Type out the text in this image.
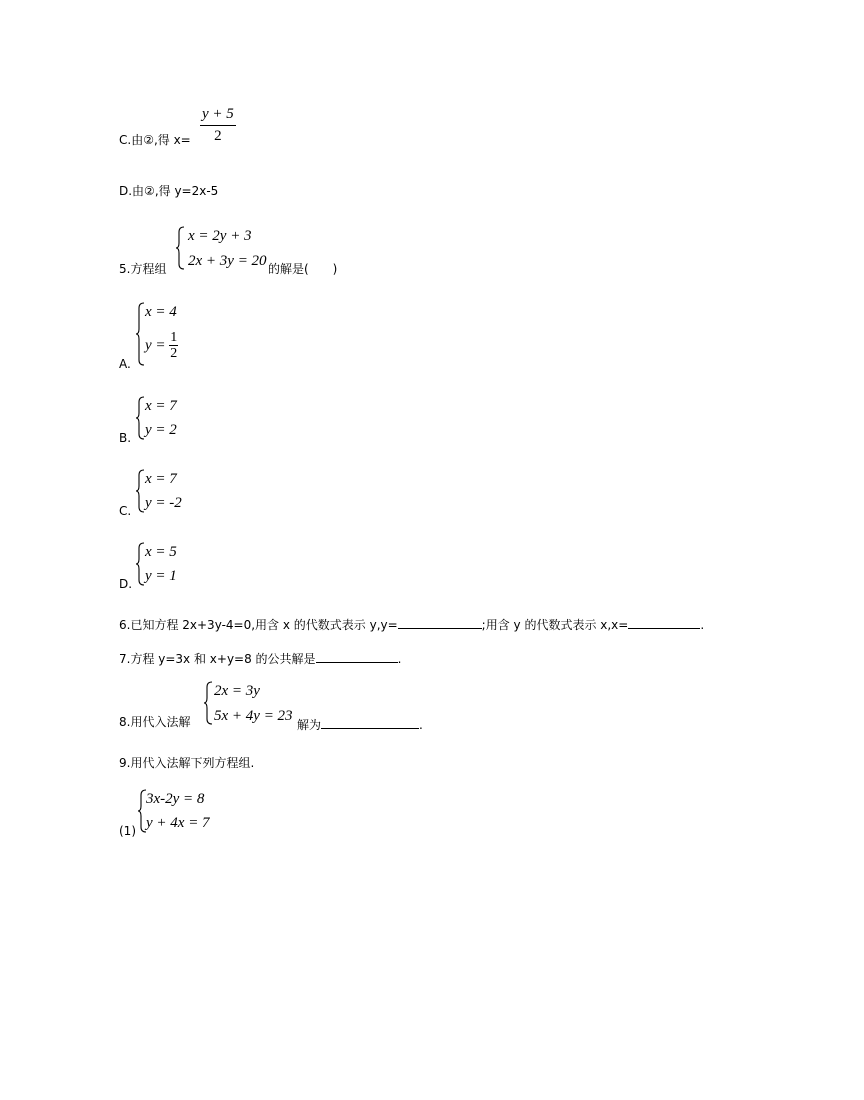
C.由②,得 $x= \frac{y + 5}{2}$
D.由②,得 y=2x-5
5.方程组
x = 2y + 3
2x + 3y = 20 的解是(　　)
A.
x = 4
$y = \frac{1}{2}$
B.
x = 7
y = 2
C.
x = 7
y = -2
D.
x = 5
y = 1
6.已知方程 2x+3y-4=0,用含 x 的代数式表示 y,y=	;用含 y 的代数式表示 x,x=	.
7.方程 y=3x 和 x+y=8 的公共解是	.
8.用代入法解
2x = 3y
5x + 4y = 23
解为	.
9.用代入法解下列方程组.
(1)
3x-2y = 8
y + 4x = 7
